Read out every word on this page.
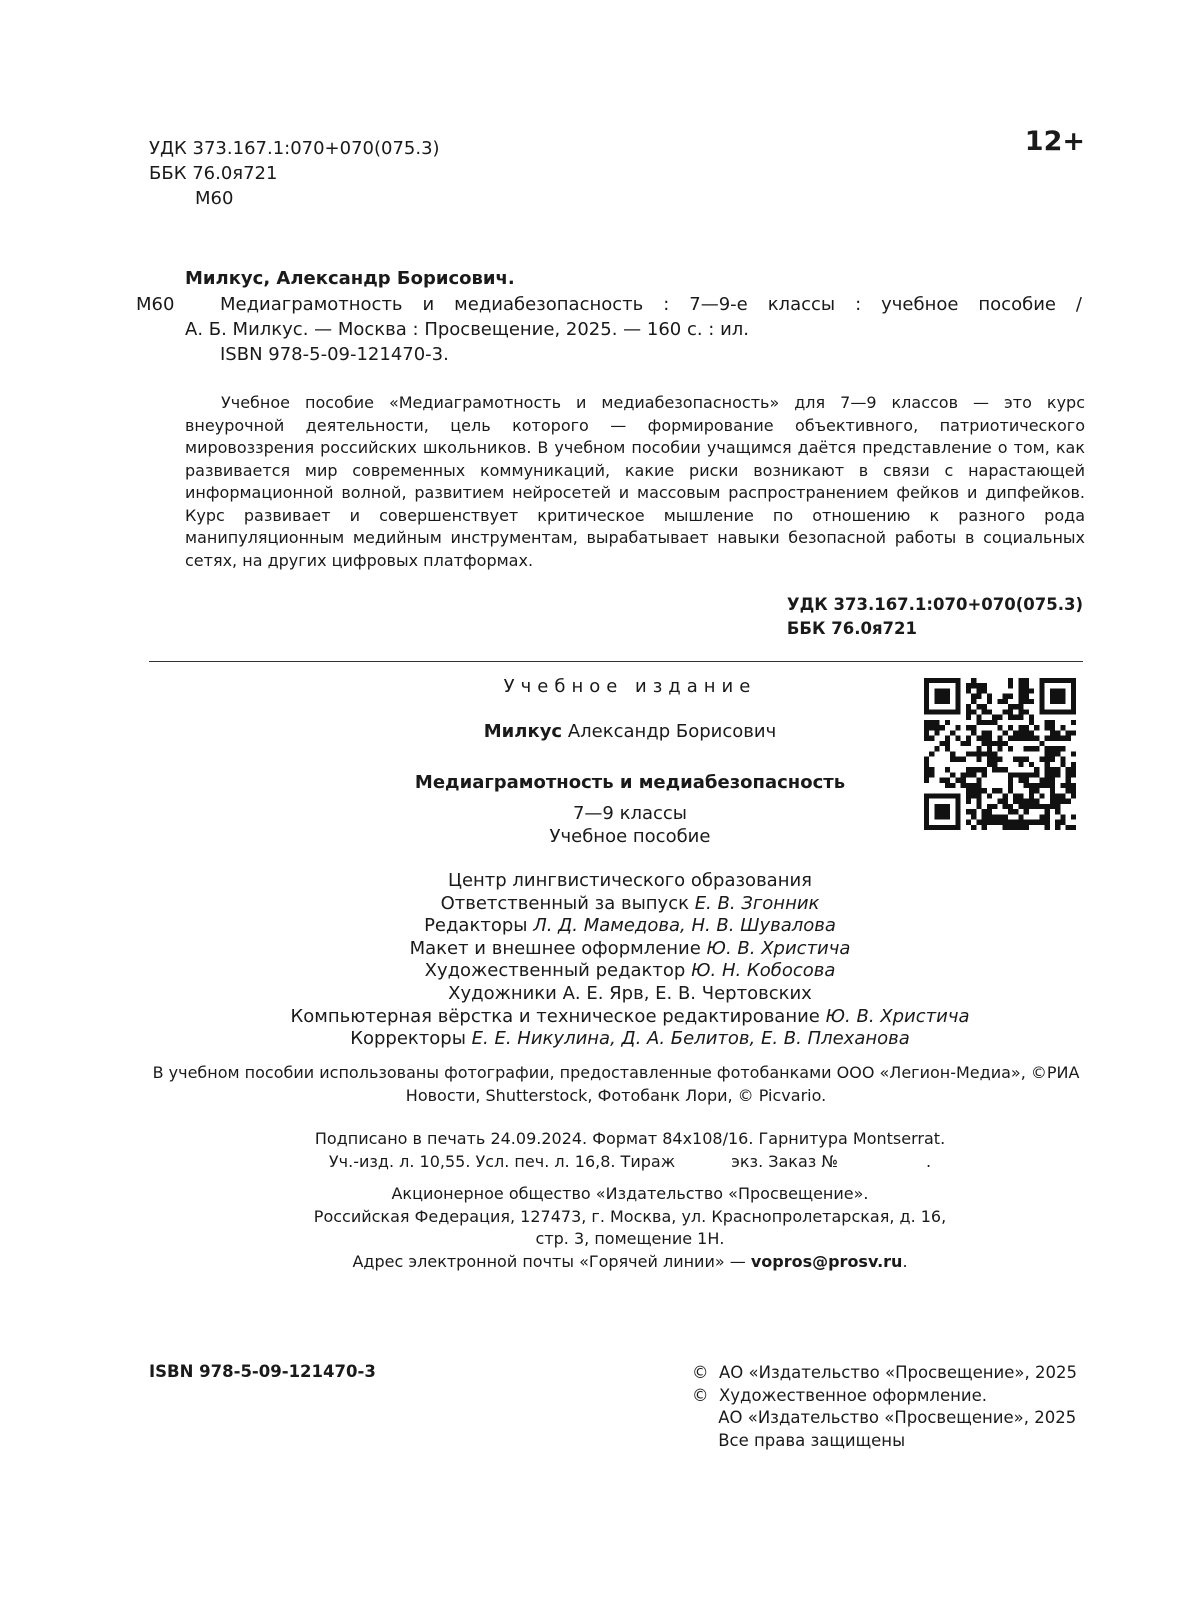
УДК 373.167.1:070+070(075.3)
ББК 76.0я721
М60
12+
Милкус, Александр Борисович.
М60	Медиаграмотность и медиабезопасность : 7—9-е классы : учебное пособие /
А. Б. Милкус. — Москва : Просвещение, 2025. — 160 с. : ил.
ISBN 978-5-09-121470-3.
Учебное пособие «Медиаграмотность и медиабезопасность» для 7—9 классов — это курс внеурочной деятельности, цель которого — формирование объективного, патриотического мировоззрения российских школьников. В учебном пособии учащимся даётся представление о том, как развивается мир современных коммуникаций, какие риски возникают в связи с нарастающей информационной волной, развитием нейросетей и массовым распространением фейков и дипфейков. Курс развивает и совершенствует критическое мышление по отношению к разного рода манипуляционным медийным инструментам, вырабатывает навыки безопасной работы в социальных сетях, на других цифровых платформах.
УДК 373.167.1:070+070(075.3)
ББК 76.0я721
Учебное издание
Милкус Александр Борисович
Медиаграмотность и медиабезопасность
7—9 классы
Учебное пособие
Центр лингвистического образования
Ответственный за выпуск Е. В. Згонник
Редакторы Л. Д. Мамедова, Н. В. Шувалова
Макет и внешнее оформление Ю. В. Христича
Художественный редактор Ю. Н. Кобосова
Художники А. Е. Ярв, Е. В. Чертовских
Компьютерная вёрстка и техническое редактирование Ю. В. Христича
Корректоры Е. Е. Никулина, Д. А. Белитов, Е. В. Плеханова
В учебном пособии использованы фотографии, предоставленные фотобанками ООО «Легион-Медиа», ©РИА Новости, Shutterstock, Фотобанк Лори, © Picvario.
Подписано в печать 24.09.2024. Формат 84x108/16. Гарнитура Montserrat.
Уч.-изд. л. 10,55. Усл. печ. л. 16,8. Тираж	экз. Заказ №	.
Акционерное общество «Издательство «Просвещение».
Российская Федерация, 127473, г. Москва, ул. Краснопролетарская, д. 16,
стр. 3, помещение 1Н.
Адрес электронной почты «Горячей линии» — vopros@prosv.ru.
ISBN 978-5-09-121470-3	©  АО «Издательство «Просвещение», 2025
©  Художественное оформление.
АО «Издательство «Просвещение», 2025
Все права защищены
